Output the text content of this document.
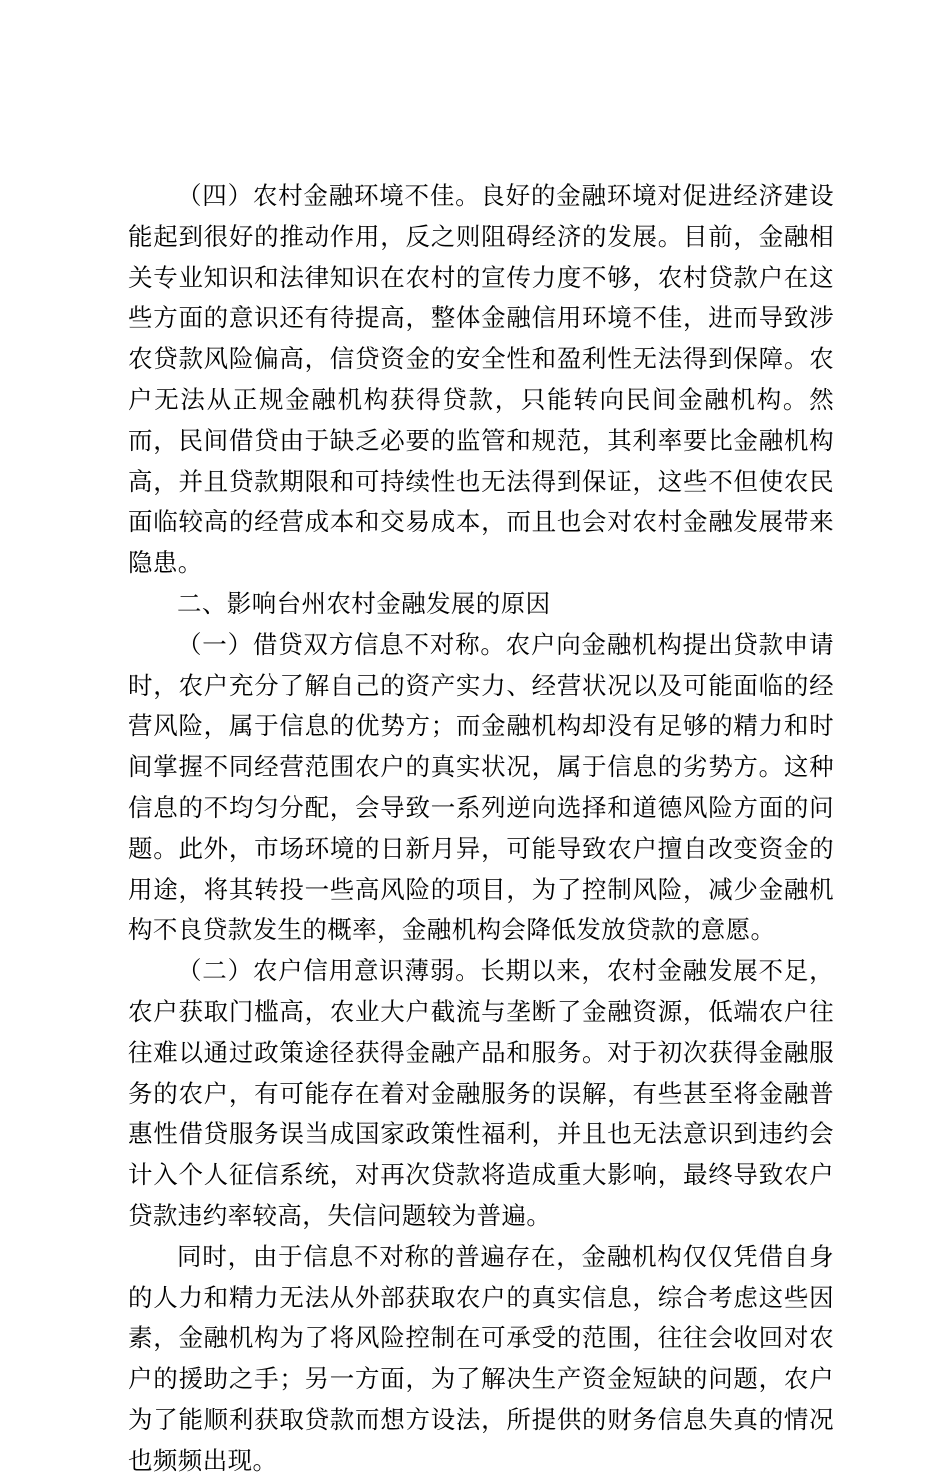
（四）农村金融环境不佳。良好的金融环境对促进经济建设能起到很好的推动作用，反之则阻碍经济的发展。目前，金融相关专业知识和法律知识在农村的宣传力度不够，农村贷款户在这些方面的意识还有待提高，整体金融信用环境不佳，进而导致涉农贷款风险偏高，信贷资金的安全性和盈利性无法得到保障。农户无法从正规金融机构获得贷款，只能转向民间金融机构。然而，民间借贷由于缺乏必要的监管和规范，其利率要比金融机构高，并且贷款期限和可持续性也无法得到保证，这些不但使农民面临较高的经营成本和交易成本，而且也会对农村金融发展带来隐患。

二、影响台州农村金融发展的原因

（一）借贷双方信息不对称。农户向金融机构提出贷款申请时，农户充分了解自己的资产实力、经营状况以及可能面临的经营风险，属于信息的优势方；而金融机构却没有足够的精力和时间掌握不同经营范围农户的真实状况，属于信息的劣势方。这种信息的不均匀分配，会导致一系列逆向选择和道德风险方面的问题。此外，市场环境的日新月异，可能导致农户擅自改变资金的用途，将其转投一些高风险的项目，为了控制风险，减少金融机构不良贷款发生的概率，金融机构会降低发放贷款的意愿。

（二）农户信用意识薄弱。长期以来，农村金融发展不足，农户获取门槛高，农业大户截流与垄断了金融资源，低端农户往往难以通过政策途径获得金融产品和服务。对于初次获得金融服务的农户，有可能存在着对金融服务的误解，有些甚至将金融普惠性借贷服务误当成国家政策性福利，并且也无法意识到违约会计入个人征信系统，对再次贷款将造成重大影响，最终导致农户贷款违约率较高，失信问题较为普遍。

同时，由于信息不对称的普遍存在，金融机构仅仅凭借自身的人力和精力无法从外部获取农户的真实信息，综合考虑这些因素，金融机构为了将风险控制在可承受的范围，往往会收回对农户的援助之手；另一方面，为了解决生产资金短缺的问题，农户为了能顺利获取贷款而想方设法，所提供的财务信息失真的情况也频频出现。
